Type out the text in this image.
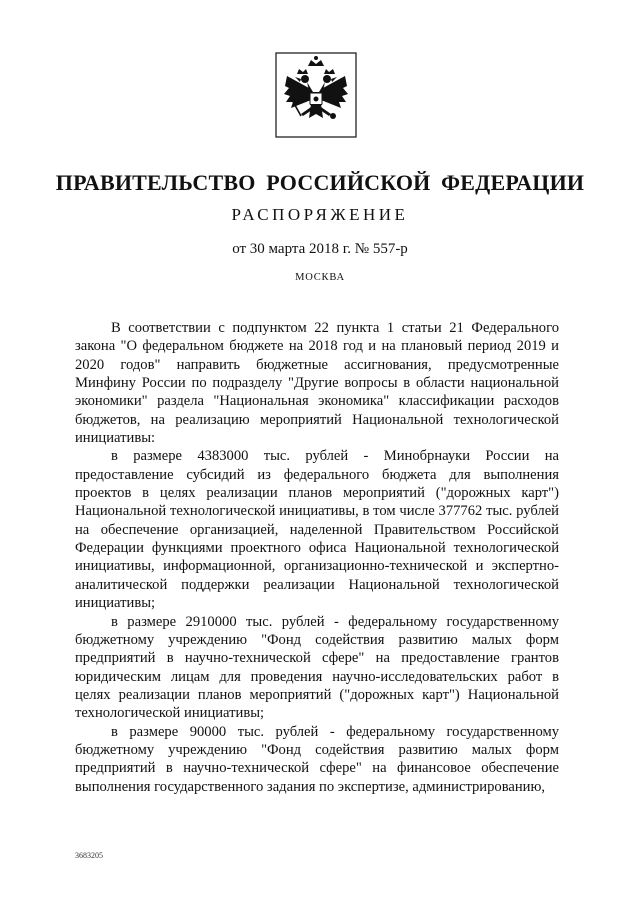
ПРАВИТЕЛЬСТВО РОССИЙСКОЙ ФЕДЕРАЦИИ
РАСПОРЯЖЕНИЕ
от 30 марта 2018 г. № 557-р
МОСКВА

В соответствии с подпунктом 22 пункта 1 статьи 21 Федерального закона "О федеральном бюджете на 2018 год и на плановый период 2019 и 2020 годов" направить бюджетные ассигнования, предусмотренные Минфину России по подразделу "Другие вопросы в области национальной экономики" раздела "Национальная экономика" классификации расходов бюджетов, на реализацию мероприятий Национальной технологической инициативы:

в размере 4383000 тыс. рублей - Минобрнауки России на предоставление субсидий из федерального бюджета для выполнения проектов в целях реализации планов мероприятий ("дорожных карт") Национальной технологической инициативы, в том числе 377762 тыс. рублей на обеспечение организацией, наделенной Правительством Российской Федерации функциями проектного офиса Национальной технологической инициативы, информационной, организационно-технической и экспертно-аналитической поддержки реализации Национальной технологической инициативы;

в размере 2910000 тыс. рублей - федеральному государственному бюджетному учреждению "Фонд содействия развитию малых форм предприятий в научно-технической сфере" на предоставление грантов юридическим лицам для проведения научно-исследовательских работ в целях реализации планов мероприятий ("дорожных карт") Национальной технологической инициативы;

в размере 90000 тыс. рублей - федеральному государственному бюджетному учреждению "Фонд содействия развитию малых форм предприятий в научно-технической сфере" на финансовое обеспечение выполнения государственного задания по экспертизе, администрированию,

3683205
